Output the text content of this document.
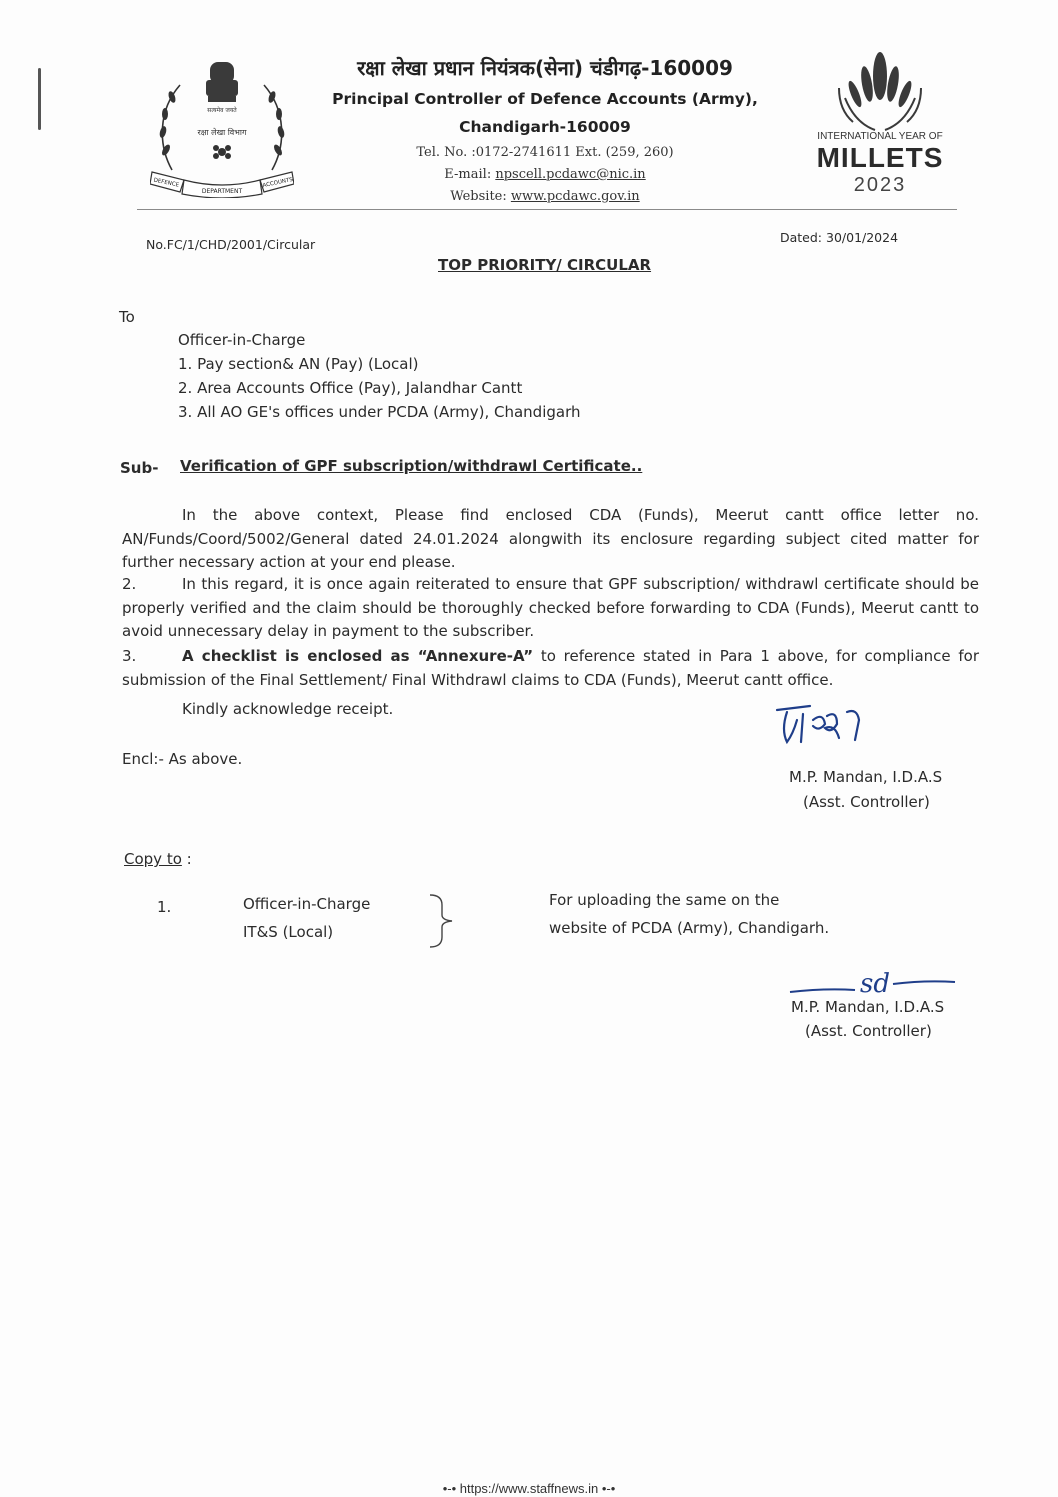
सत्यमेव जयते
रक्षा लेखा विभाग
DEFENCE
DEPARTMENT
ACCOUNTS
रक्षा लेखा प्रधान नियंत्रक(सेना) चंडीगढ़-160009
Principal Controller of Defence Accounts (Army),
Chandigarh-160009
Tel. No. :0172-2741611 Ext. (259, 260)
E-mail: npscell.pcdawc@nic.in
Website: www.pcdawc.gov.in
INTERNATIONAL YEAR OF
MILLETS
2023
No.FC/1/CHD/2001/Circular	Dated: 30/01/2024
TOP PRIORITY/ CIRCULAR
To
Officer-in-Charge
1. Pay section& AN (Pay) (Local)
2. Area Accounts Office (Pay), Jalandhar Cantt
3. All AO GE's offices under PCDA (Army), Chandigarh
Sub- Verification of GPF subscription/withdrawl Certificate..
In the above context, Please find enclosed CDA (Funds), Meerut cantt office letter no. AN/Funds/Coord/5002/General dated 24.01.2024 alongwith its enclosure regarding subject cited matter for further necessary action at your end please.
2.	In this regard, it is once again reiterated to ensure that GPF subscription/ withdrawl certificate should be properly verified and the claim should be thoroughly checked before forwarding to CDA (Funds), Meerut cantt to avoid unnecessary delay in payment to the subscriber.
3.	A checklist is enclosed as “Annexure-A” to reference stated in Para 1 above, for compliance for submission of the Final Settlement/ Final Withdrawl claims to CDA (Funds), Meerut cantt office.
Kindly acknowledge receipt.
Encl:- As above.
M.P. Mandan, I.D.A.S
(Asst. Controller)
Copy to :
1.	Officer-in-Charge
IT&S (Local)
For uploading the same on the
website of PCDA (Army), Chandigarh.
sd
M.P. Mandan, I.D.A.S
(Asst. Controller)
•-• https://www.staffnews.in •-•
